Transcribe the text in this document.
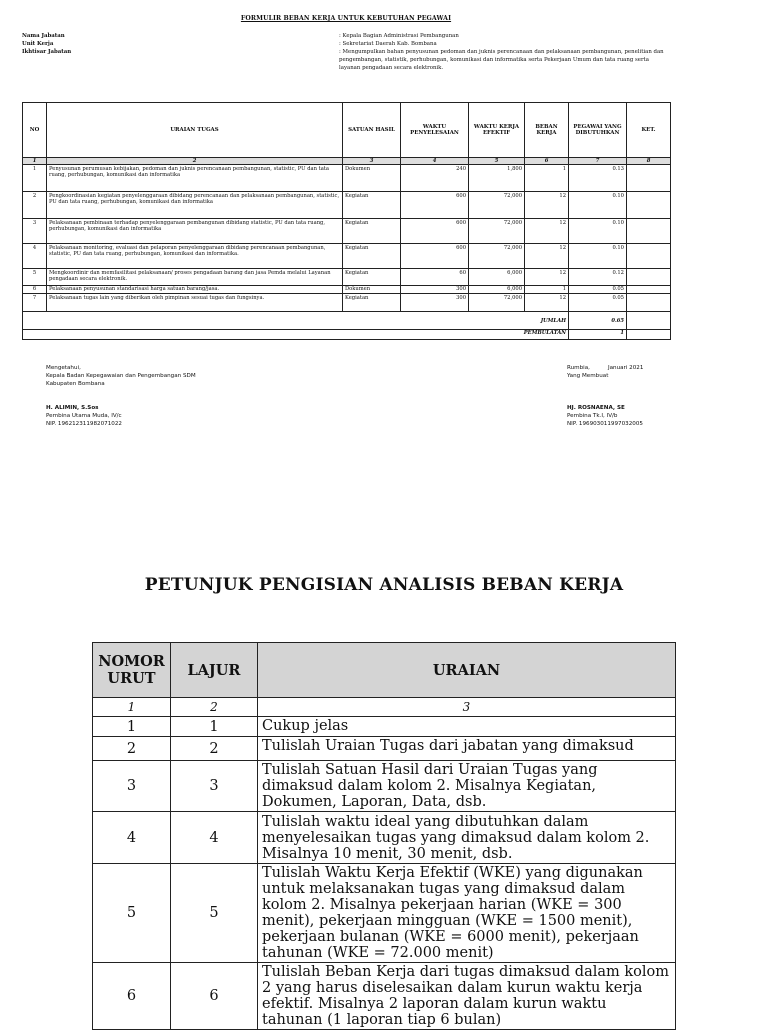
FORMULIR BEBAN KERJA UNTUK KEBUTUHAN PEGAWAI
Nama Jabatan	: Kepala Bagian Administrasi Pembangunan
Unit Kerja	: Sekretariat Daerah Kab. Bombana
Ikhtisar Jabatan	: Mengumpulkan bahan penyusunan pedoman dan juknis perencanaan dan pelaksanaan pembangunan, penelitian dan pengembangan, statistik, perhubungan, komunikasi dan informatika serta Pekerjaan Umum dan tata ruang serta layanan pengadaan secara elektronik.
NO	URAIAN TUGAS	SATUAN HASIL	WAKTU PENYELESAIAN	WAKTU KERJA EFEKTIF	BEBAN KERJA	PEGAWAI YANG DIBUTUHKAN	KET.
1	2	3	4	5	6	7	8
1	Penyusunan perumusan kebijakan, pedoman dan juknis perencanaan pembangunan, statistic, PU dan tata ruang, perhubungan, komunikasi dan informatika	Dokumen	240	1,800	1	0.13	
2	Pengkoordinasian kegiatan penyelenggaraan dibidang perencanaan dan pelaksanaan pembangunan, statistic, PU dan tata ruang, perhubungan, komunikasi dan informatika	Kegiatan	600	72,000	12	0.10	
3	Pelaksanaan pembinaan terhadap penyelenggaraan pembangunan dibidang statistic, PU dan tata ruang, perhubungan, komunikasi dan informatika	Kegiatan	600	72,000	12	0.10	
4	Pelaksanaan monitoring, evaluasi dan pelaporan penyelenggaraan dibidang perencanaan pembangunan, statistic, PU dan tata ruang, perhubungan, komunikasi dan informatika.	Kegiatan	600	72,000	12	0.10	
5	Mengkoordinir dan memfasilitasi pelaksanaan/ proses pengadaan barang dan jasa Pemda melalui Layanan pengadaan secara elektronik.	Kegiatan	60	6,000	12	0.12	
6	Pelaksanaan penyusunan standarisasi harga satuan barang/jasa.	Dokumen	300	6,000	1	0.05	
7	Pelaksanaan tugas lain yang diberikan oleh pimpinan sesuai tugas dan fungsinya.	Kegiatan	300	72,000	12	0.05	
JUMLAH						0.65	
PEMBULATAN						1	
Mengetahui,
Kepala Badan Kepegawaian dan Pengembangan SDM
Kabupaten Bombana
H. ALIMIN, S.Sos
Pembina Utama Muda, IV/c
NIP. 196212311982071022
Rumbia,	Januari 2021
Yang Membuat
HJ. ROSNAENA, SE
Pembina Tk.I, IV/b
NIP. 196903011997032005
PETUNJUK PENGISIAN ANALISIS BEBAN KERJA
NOMOR URUT	LAJUR	URAIAN
1	2	3
1	1	Cukup jelas
2	2	Tulislah Uraian Tugas dari jabatan yang dimaksud
3	3	Tulislah Satuan Hasil dari Uraian Tugas yang dimaksud dalam kolom 2. Misalnya Kegiatan, Dokumen, Laporan, Data, dsb.
4	4	Tulislah waktu ideal yang dibutuhkan dalam menyelesaikan tugas yang dimaksud dalam kolom 2. Misalnya 10 menit, 30 menit, dsb.
5	5	Tulislah Waktu Kerja Efektif (WKE) yang digunakan untuk melaksanakan tugas yang dimaksud dalam kolom 2. Misalnya pekerjaan harian (WKE = 300 menit), pekerjaan mingguan (WKE = 1500 menit), pekerjaan bulanan (WKE = 6000 menit), pekerjaan tahunan (WKE = 72.000 menit)
6	6	Tulislah Beban Kerja dari tugas dimaksud dalam kolom 2 yang harus diselesaikan dalam kurun waktu kerja efektif. Misalnya 2 laporan dalam kurun waktu tahunan (1 laporan tiap 6 bulan)
